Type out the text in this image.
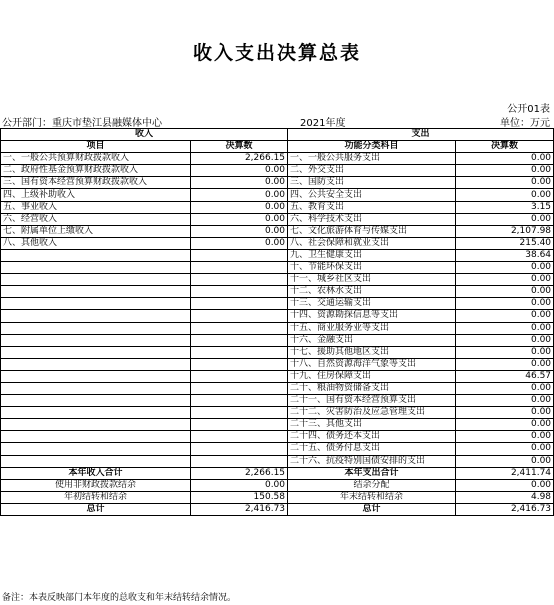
收入支出决算总表
公开01表
公开部门：重庆市垫江县融媒体中心	2021年度	单位：万元
收入		支出	
项目	决算数	功能分类科目	决算数
一、一般公共预算财政拨款收入	2,266.15	一、一般公共服务支出	0.00
二、政府性基金预算财政拨款收入	0.00	二、外交支出	0.00
三、国有资本经营预算财政拨款收入	0.00	三、国防支出	0.00
四、上级补助收入	0.00	四、公共安全支出	0.00
五、事业收入	0.00	五、教育支出	3.15
六、经营收入	0.00	六、科学技术支出	0.00
七、附属单位上缴收入	0.00	七、文化旅游体育与传媒支出	2,107.98
八、其他收入	0.00	八、社会保障和就业支出	215.40
		九、卫生健康支出	38.64
		十、节能环保支出	0.00
		十一、城乡社区支出	0.00
		十二、农林水支出	0.00
		十三、交通运输支出	0.00
		十四、资源勘探信息等支出	0.00
		十五、商业服务业等支出	0.00
		十六、金融支出	0.00
		十七、援助其他地区支出	0.00
		十八、自然资源海洋气象等支出	0.00
		十九、住房保障支出	46.57
		二十、粮油物资储备支出	0.00
		二十一、国有资本经营预算支出	0.00
		二十二、灾害防治及应急管理支出	0.00
		二十三、其他支出	0.00
		二十四、债务还本支出	0.00
		二十五、债务付息支出	0.00
		二十六、抗疫特别国债安排的支出	0.00
本年收入合计	2,266.15	本年支出合计	2,411.74
使用非财政拨款结余	0.00	结余分配	0.00
年初结转和结余	150.58	年末结转和结余	4.98
总计	2,416.73	总计	2,416.73
备注：本表反映部门本年度的总收支和年末结转结余情况。
